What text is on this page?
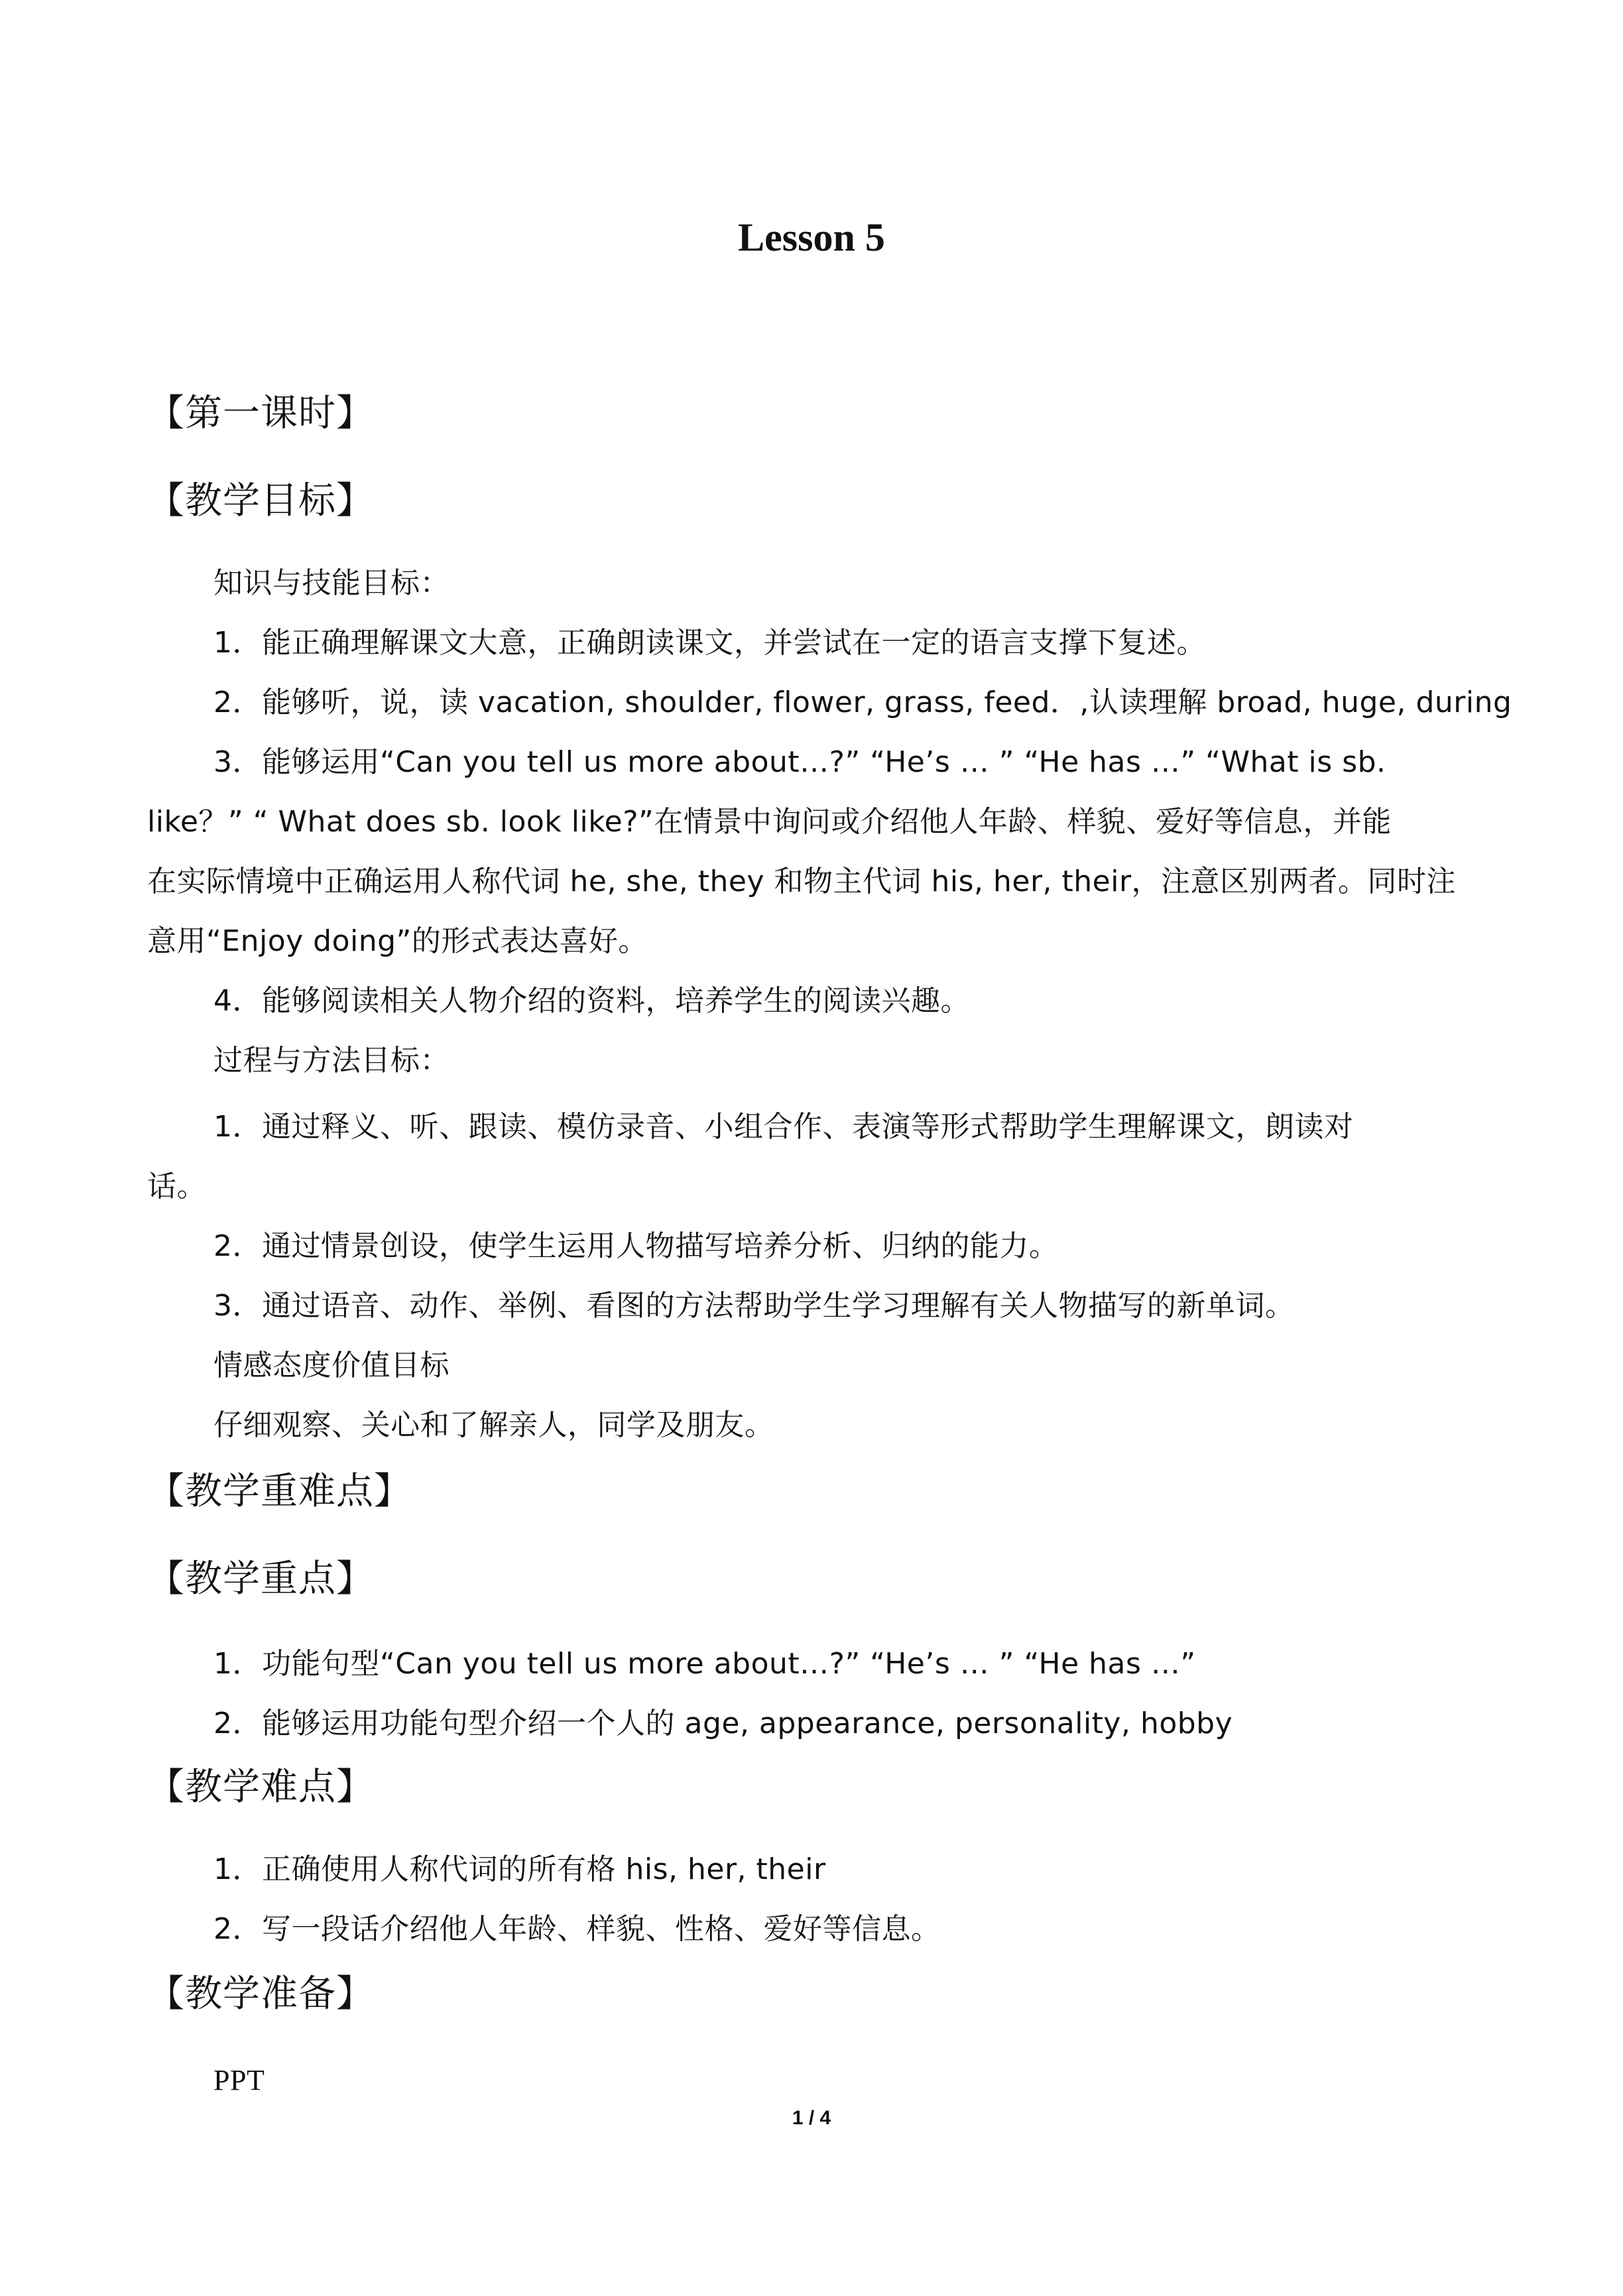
Lesson 5
【第一课时】
【教学目标】
知识与技能目标：
1．能正确理解课文大意，正确朗读课文，并尝试在一定的语言支撑下复述。
2．能够听，说，读 vacation, shoulder, flower, grass, feed．,认读理解 broad, huge, during
3．能够运用“Can you tell us more about…?” “He’s … ” “He has …” “What is sb.
like？” “ What does sb. look like?”在情景中询问或介绍他人年龄、样貌、爱好等信息，并能
在实际情境中正确运用人称代词 he, she, they 和物主代词 his, her, their，注意区别两者。同时注
意用“Enjoy doing”的形式表达喜好。
4．能够阅读相关人物介绍的资料，培养学生的阅读兴趣。
过程与方法目标：
1．通过释义、听、跟读、模仿录音、小组合作、表演等形式帮助学生理解课文，朗读对
话。
2．通过情景创设，使学生运用人物描写培养分析、归纳的能力。
3．通过语音、动作、举例、看图的方法帮助学生学习理解有关人物描写的新单词。
情感态度价值目标
仔细观察、关心和了解亲人，同学及朋友。
【教学重难点】
【教学重点】
1．功能句型“Can you tell us more about…?” “He’s … ” “He has …”
2．能够运用功能句型介绍一个人的 age, appearance, personality, hobby
【教学难点】
1．正确使用人称代词的所有格 his, her, their
2．写一段话介绍他人年龄、样貌、性格、爱好等信息。
【教学准备】
PPT
1 / 4
